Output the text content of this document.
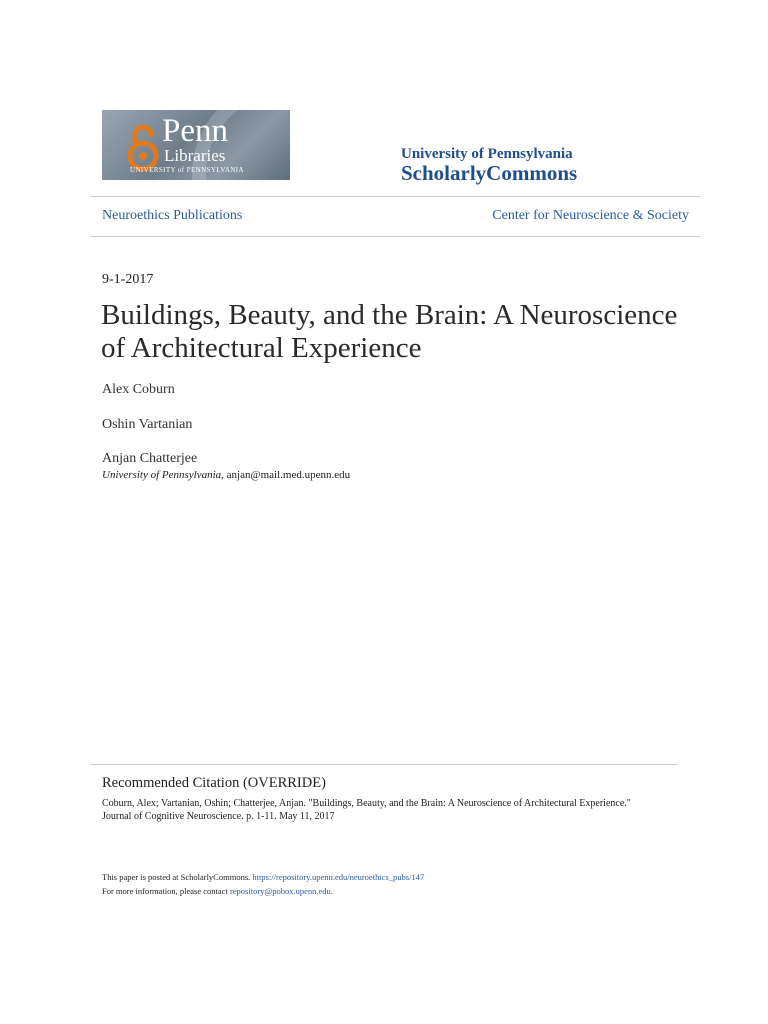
Penn
Libraries
UNIVERSITY of PENNSYLVANIA
University of Pennsylvania
ScholarlyCommons
Neuroethics Publications	Center for Neuroscience & Society
9-1-2017
Buildings, Beauty, and the Brain: A Neuroscience of Architectural Experience
Alex Coburn
Oshin Vartanian
Anjan Chatterjee
University of Pennsylvania, anjan@mail.med.upenn.edu
Recommended Citation (OVERRIDE)
Coburn, Alex; Vartanian, Oshin; Chatterjee, Anjan. "Buildings, Beauty, and the Brain: A Neuroscience of Architectural Experience."
Journal of Cognitive Neuroscience. p. 1-11. May 11, 2017
This paper is posted at ScholarlyCommons. https://repository.upenn.edu/neuroethics_pubs/147
For more information, please contact repository@pobox.upenn.edu.
